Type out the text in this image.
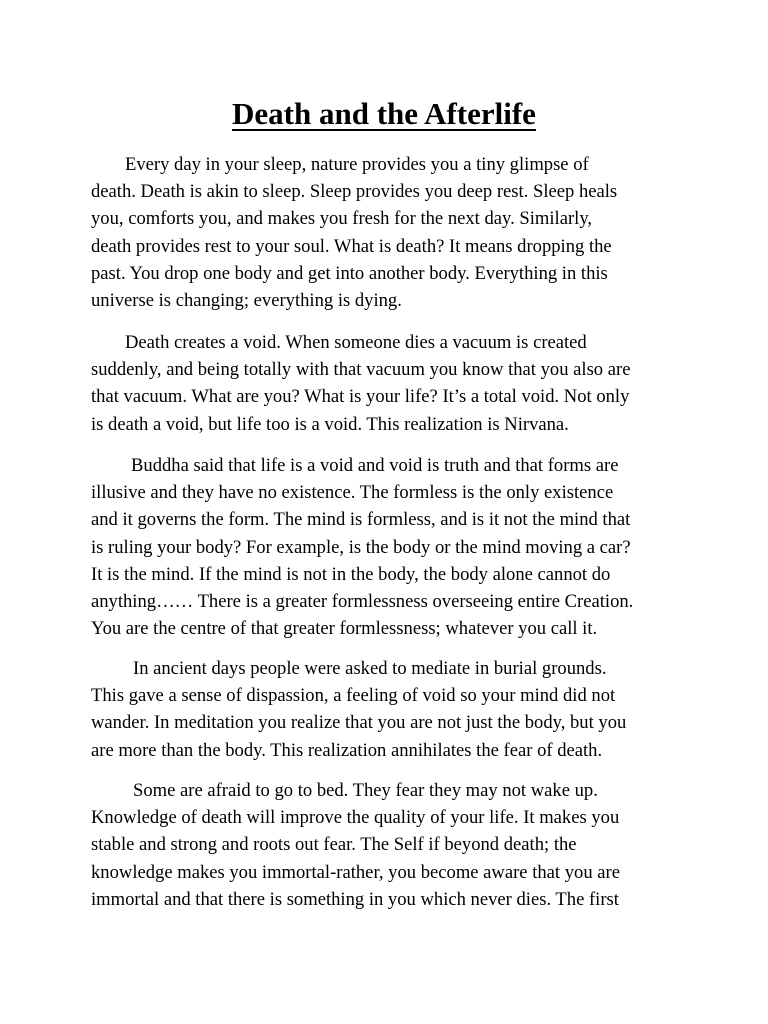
Death and the Afterlife

Every day in your sleep, nature provides you a tiny glimpse of
death. Death is akin to sleep. Sleep provides you deep rest. Sleep heals
you, comforts you, and makes you fresh for the next day. Similarly,
death provides rest to your soul. What is death? It means dropping the
past. You drop one body and get into another body. Everything in this
universe is changing; everything is dying.

Death creates a void. When someone dies a vacuum is created
suddenly, and being totally with that vacuum you know that you also are
that vacuum. What are you? What is your life? It’s a total void. Not only
is death a void, but life too is a void. This realization is Nirvana.

Buddha said that life is a void and void is truth and that forms are
illusive and they have no existence. The formless is the only existence
and it governs the form. The mind is formless, and is it not the mind that
is ruling your body? For example, is the body or the mind moving a car?
It is the mind. If the mind is not in the body, the body alone cannot do
anything…… There is a greater formlessness overseeing entire Creation.
You are the centre of that greater formlessness; whatever you call it.

In ancient days people were asked to mediate in burial grounds.
This gave a sense of dispassion, a feeling of void so your mind did not
wander. In meditation you realize that you are not just the body, but you
are more than the body. This realization annihilates the fear of death.

Some are afraid to go to bed. They fear they may not wake up.
Knowledge of death will improve the quality of your life. It makes you
stable and strong and roots out fear. The Self if beyond death; the
knowledge makes you immortal-rather, you become aware that you are
immortal and that there is something in you which never dies. The first
